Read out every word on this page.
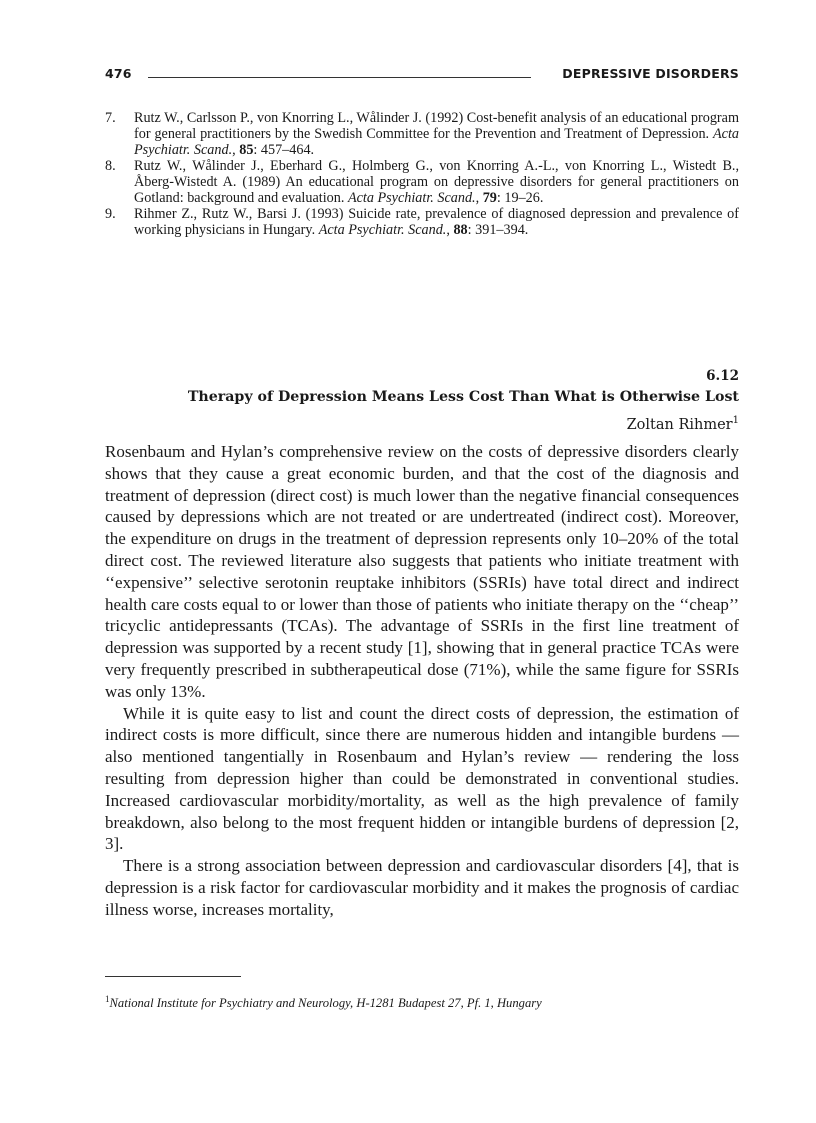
476	DEPRESSIVE DISORDERS
7. Rutz W., Carlsson P., von Knorring L., Wålinder J. (1992) Cost-benefit analysis of an educational program for general practitioners by the Swedish Committee for the Prevention and Treatment of Depression. Acta Psychiatr. Scand., 85: 457–464.
8. Rutz W., Wålinder J., Eberhard G., Holmberg G., von Knorring A.-L., von Knorring L., Wistedt B., Åberg-Wistedt A. (1989) An educational program on depressive disorders for general practitioners on Gotland: background and evaluation. Acta Psychiatr. Scand., 79: 19–26.
9. Rihmer Z., Rutz W., Barsi J. (1993) Suicide rate, prevalence of diagnosed depression and prevalence of working physicians in Hungary. Acta Psychiatr. Scand., 88: 391–394.
6.12
Therapy of Depression Means Less Cost Than What is Otherwise Lost
Zoltan Rihmer$^1$

Rosenbaum and Hylan’s comprehensive review on the costs of depressive disorders clearly shows that they cause a great economic burden, and that the cost of the diagnosis and treatment of depression (direct cost) is much lower than the negative financial consequences caused by depressions which are not treated or are undertreated (indirect cost). Moreover, the expenditure on drugs in the treatment of depression represents only 10–20% of the total direct cost. The reviewed literature also suggests that patients who initiate treatment with ‘‘expensive’’ selective serotonin reuptake inhibitors (SSRIs) have total direct and indirect health care costs equal to or lower than those of patients who initiate therapy on the ‘‘cheap’’ tricyclic antidepressants (TCAs). The advantage of SSRIs in the first line treatment of depression was supported by a recent study [1], showing that in general practice TCAs were very frequently prescribed in subtherapeutical dose (71%), while the same figure for SSRIs was only 13%.

While it is quite easy to list and count the direct costs of depression, the estimation of indirect costs is more difficult, since there are numerous hidden and intangible burdens — also mentioned tangentially in Rosenbaum and Hylan’s review — rendering the loss resulting from depression higher than could be demonstrated in conventional studies. Increased cardiovascular morbidity/mortality, as well as the high prevalence of family breakdown, also belong to the most frequent hidden or intangible burdens of depression [2, 3].

There is a strong association between depression and cardiovascular disorders [4], that is depression is a risk factor for cardiovascular morbidity and it makes the prognosis of cardiac illness worse, increases mortality,

$^1$National Institute for Psychiatry and Neurology, H-1281 Budapest 27, Pf. 1, Hungary
